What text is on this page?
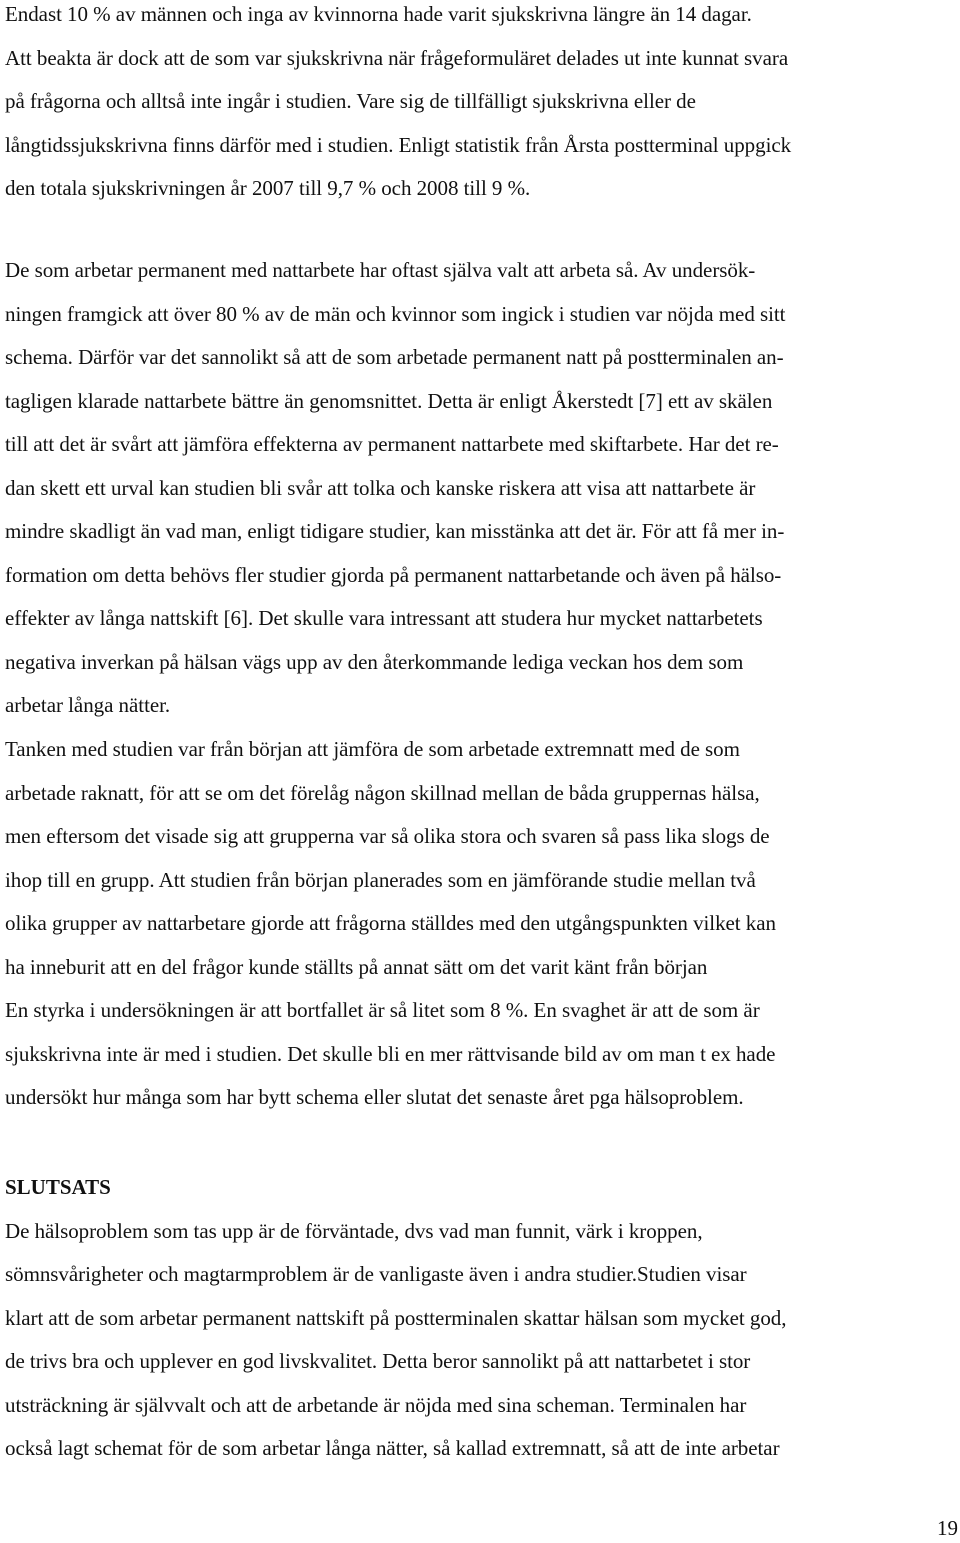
Endast 10 % av männen och inga av kvinnorna hade varit sjukskrivna längre än 14 dagar.
Att beakta är dock att de som var sjukskrivna när frågeformuläret delades ut inte kunnat svara
på frågorna och alltså inte ingår i studien. Vare sig de tillfälligt sjukskrivna eller de
långtidssjukskrivna finns därför med i studien. Enligt statistik från Årsta postterminal uppgick
den totala sjukskrivningen år 2007 till 9,7 % och 2008 till 9 %.
De som arbetar permanent med nattarbete har oftast själva valt att arbeta så. Av undersök-
ningen framgick att över 80 % av de män och kvinnor som ingick i studien var nöjda med sitt
schema. Därför var det sannolikt så att de som arbetade permanent natt på postterminalen an-
tagligen klarade nattarbete bättre än genomsnittet. Detta är enligt Åkerstedt [7] ett av skälen
till att det är svårt att jämföra effekterna av permanent nattarbete med skiftarbete. Har det re-
dan skett ett urval kan studien bli svår att tolka och kanske riskera att visa att nattarbete är
mindre skadligt än vad man, enligt tidigare studier, kan misstänka att det är. För att få mer in-
formation om detta behövs fler studier gjorda på permanent nattarbetande och även på hälso-
effekter av långa nattskift [6]. Det skulle vara intressant att studera hur mycket nattarbetets
negativa inverkan på hälsan vägs upp av den återkommande lediga veckan hos dem som
arbetar långa nätter.
Tanken med studien var från början att jämföra de som arbetade extremnatt med de som
arbetade raknatt, för att se om det förelåg någon skillnad mellan de båda gruppernas hälsa,
men eftersom det visade sig att grupperna var så olika stora och svaren så pass lika slogs de
ihop till en grupp. Att studien från början planerades som en jämförande studie mellan två
olika grupper av nattarbetare gjorde att frågorna ställdes med den utgångspunkten vilket kan
ha inneburit att en del frågor kunde ställts på annat sätt om det varit känt från början
En styrka i undersökningen är att bortfallet är så litet som 8 %. En svaghet är att de som är
sjukskrivna inte är med i studien. Det skulle bli en mer rättvisande bild av om man t ex hade
undersökt hur många som har bytt schema eller slutat det senaste året pga hälsoproblem.
SLUTSATS
De hälsoproblem som tas upp är de förväntade, dvs vad man funnit, värk i kroppen,
sömnsvårigheter och magtarmproblem är de vanligaste även i andra studier.Studien visar
klart att de som arbetar permanent nattskift på postterminalen skattar hälsan som mycket god,
de trivs bra och upplever en god livskvalitet. Detta beror sannolikt på att nattarbetet i stor
utsträckning är självvalt och att de arbetande är nöjda med sina scheman. Terminalen har
också lagt schemat för de som arbetar långa nätter, så kallad extremnatt, så att de inte arbetar
19
